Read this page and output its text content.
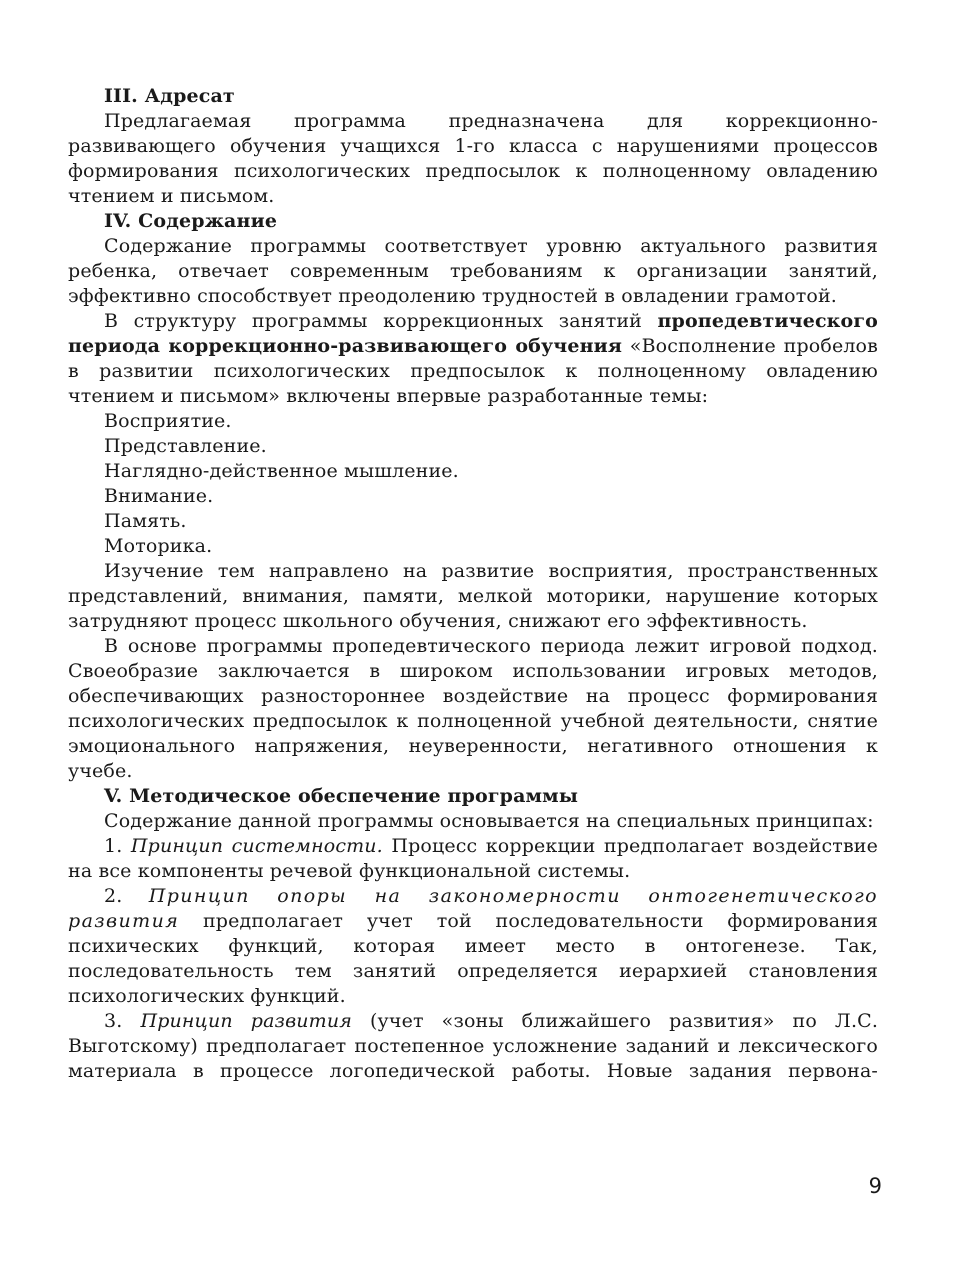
III. Адресат

Предлагаемая программа предназначена для коррекционно-развивающего обучения учащихся 1-го класса с нарушениями процессов формирования психологических предпосылок к полноценному овладению чтением и письмом.

IV. Содержание

Содержание программы соответствует уровню актуального развития ребенка, отвечает современным требованиям к организации занятий, эффективно способствует преодолению трудностей в овладении грамотой.

В структуру программы коррекционных занятий пропедевтического периода коррекционно-развивающего обучения «Восполнение пробелов в развитии психологических предпосылок к полноценному овладению чтением и письмом» включены впервые разработанные темы:

Восприятие.

Представление.

Наглядно-действенное мышление.

Внимание.

Память.

Моторика.

Изучение тем направлено на развитие восприятия, пространственных представлений, внимания, памяти, мелкой моторики, нарушение которых затрудняют процесс школьного обучения, снижают его эффективность.

В основе программы пропедевтического периода лежит игровой подход. Своеобразие заключается в широком использовании игровых методов, обеспечивающих разностороннее воздействие на процесс формирования психологических предпосылок к полноценной учебной деятельности, снятие эмоционального напряжения, неуверенности, негативного отношения к учебе.

V. Методическое обеспечение программы

Содержание данной программы основывается на специальных принципах:

1. Принцип системности. Процесс коррекции предполагает воздействие на все компоненты речевой функциональной системы.

2. Принцип опоры на закономерности онтогенетического развития предполагает учет той последовательности формирования психических функций, которая имеет место в онтогенезе. Так, последовательность тем занятий определяется иерархией становления психологических функций.

3. Принцип развития (учет «зоны ближайшего развития» по Л.С. Выготскому) предполагает постепенное усложнение заданий и лексического материала в процессе логопедической работы. Новые задания первона-

9
